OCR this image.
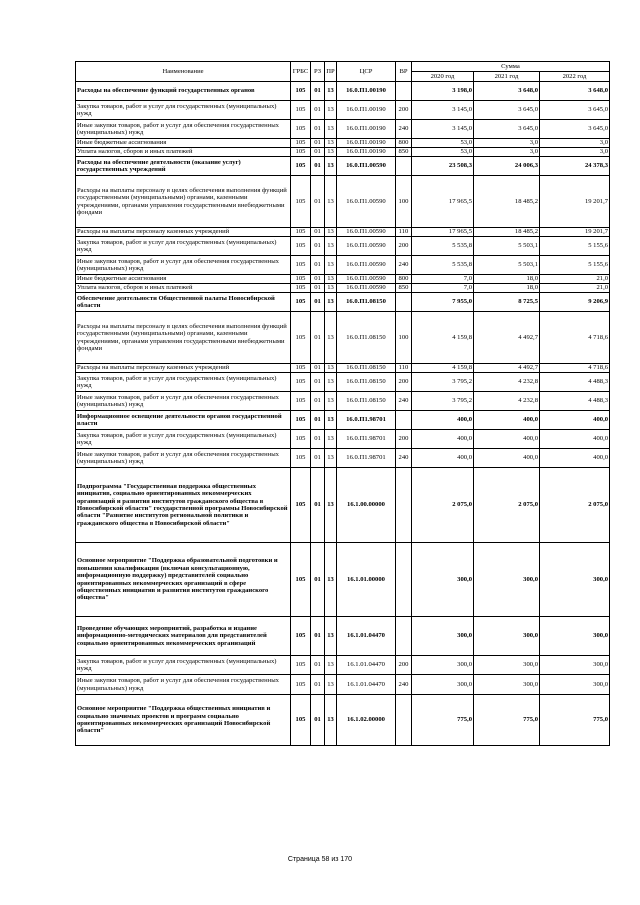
Наименование	ГРБС	РЗ	ПР	ЦСР	ВР	Сумма		
						2020 год	2021 год	2022 год
Расходы на обеспечение функций государственных органов	105	01	13	16.0.П1.00190		3 198,0	3 648,0	3 648,0
Закупка товаров, работ и услуг для государственных (муниципальных) нужд	105	01	13	16.0.П1.00190	200	3 145,0	3 645,0	3 645,0
Иные закупки товаров, работ и услуг для обеспечения государственных (муниципальных) нужд	105	01	13	16.0.П1.00190	240	3 145,0	3 645,0	3 645,0
Иные бюджетные ассигнования	105	01	13	16.0.П1.00190	800	53,0	3,0	3,0
Уплата налогов, сборов и иных платежей	105	01	13	16.0.П1.00190	850	53,0	3,0	3,0
Расходы на обеспечение деятельности (оказание услуг) государственных учреждений	105	01	13	16.0.П1.00590		23 508,3	24 006,3	24 378,3
Расходы на выплаты персоналу в целях обеспечения выполнения функций государственными (муниципальными) органами, казенными учреждениями, органами управления государственными внебюджетными фондами	105	01	13	16.0.П1.00590	100	17 965,5	18 485,2	19 201,7
Расходы на выплаты персоналу казенных учреждений	105	01	13	16.0.П1.00590	110	17 965,5	18 485,2	19 201,7
Закупка товаров, работ и услуг для государственных (муниципальных) нужд	105	01	13	16.0.П1.00590	200	5 535,8	5 503,1	5 155,6
Иные закупки товаров, работ и услуг для обеспечения государственных (муниципальных) нужд	105	01	13	16.0.П1.00590	240	5 535,8	5 503,1	5 155,6
Иные бюджетные ассигнования	105	01	13	16.0.П1.00590	800	7,0	18,0	21,0
Уплата налогов, сборов и иных платежей	105	01	13	16.0.П1.00590	850	7,0	18,0	21,0
Обеспечение деятельности Общественной палаты Новосибирской области	105	01	13	16.0.П1.08150		7 955,0	8 725,5	9 206,9
Расходы на выплаты персоналу в целях обеспечения выполнения функций государственными (муниципальными) органами, казенными учреждениями, органами управления государственными внебюджетными фондами	105	01	13	16.0.П1.08150	100	4 159,8	4 492,7	4 718,6
Расходы на выплаты персоналу казенных учреждений	105	01	13	16.0.П1.08150	110	4 159,8	4 492,7	4 718,6
Закупка товаров, работ и услуг для государственных (муниципальных) нужд	105	01	13	16.0.П1.08150	200	3 795,2	4 232,8	4 488,3
Иные закупки товаров, работ и услуг для обеспечения государственных (муниципальных) нужд	105	01	13	16.0.П1.08150	240	3 795,2	4 232,8	4 488,3
Информационное освещение деятельности органов государственной власти	105	01	13	16.0.П1.98701		400,0	400,0	400,0
Закупка товаров, работ и услуг для государственных (муниципальных) нужд	105	01	13	16.0.П1.98701	200	400,0	400,0	400,0
Иные закупки товаров, работ и услуг для обеспечения государственных (муниципальных) нужд	105	01	13	16.0.П1.98701	240	400,0	400,0	400,0
Подпрограмма "Государственная поддержка общественных инициатив, социально ориентированных некоммерческих организаций и развития институтов гражданского общества в Новосибирской области" государственной программы Новосибирской области "Развитие институтов региональной политики и гражданского общества в Новосибирской области"	105	01	13	16.1.00.00000		2 075,0	2 075,0	2 075,0
Основное мероприятие "Поддержка образовательной подготовки и повышения квалификации (включая консультационную, информационную поддержку) представителей социально ориентированных некоммерческих организаций в сфере общественных инициатив и развития институтов гражданского общества"	105	01	13	16.1.01.00000		300,0	300,0	300,0
Проведение обучающих мероприятий, разработка и издание информационно-методических материалов для представителей социально ориентированных некоммерческих организаций	105	01	13	16.1.01.04470		300,0	300,0	300,0
Закупка товаров, работ и услуг для государственных (муниципальных) нужд	105	01	13	16.1.01.04470	200	300,0	300,0	300,0
Иные закупки товаров, работ и услуг для обеспечения государственных (муниципальных) нужд	105	01	13	16.1.01.04470	240	300,0	300,0	300,0
Основное мероприятие "Поддержка общественных инициатив и социально значимых проектов и программ социально ориентированных некоммерческих организаций Новосибирской области"	105	01	13	16.1.02.00000		775,0	775,0	775,0
Страница 58 из 170
